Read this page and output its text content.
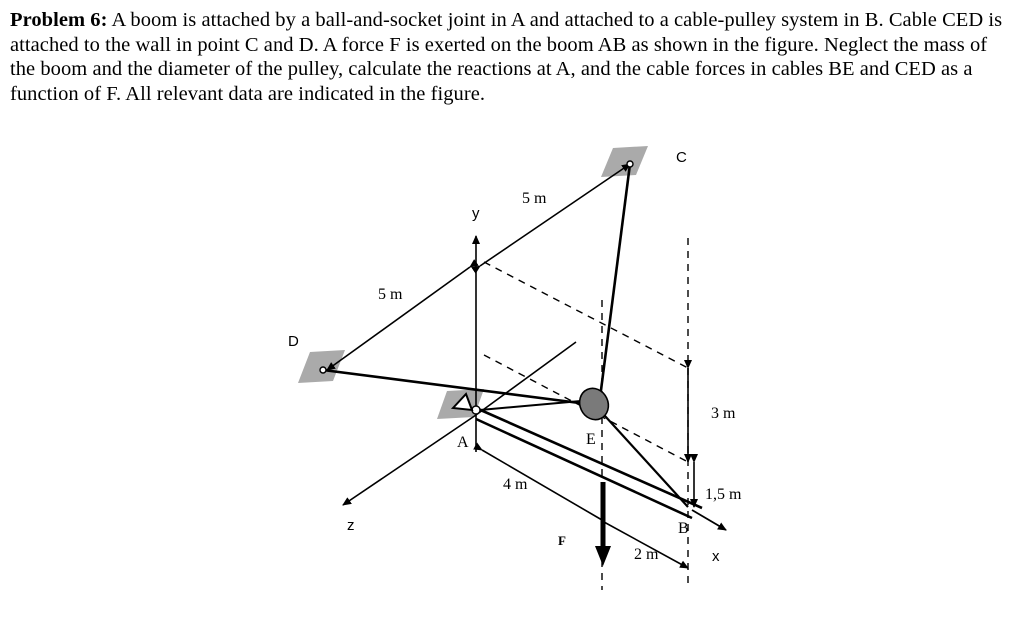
Problem 6: A boom is attached by a ball-and-socket joint in A and attached to a cable-pulley system in B. Cable CED is attached to the wall in point C and D. A force F is exerted on the boom AB as shown in the figure. Neglect the mass of the boom and the diameter of the pulley, calculate the reactions at A, and the cable forces in cables BE and CED as a function of F. All relevant data are indicated in the figure.
C
D
A	E
B
F
y
z
x
5 m
5 m
4 m
2 m
3 m
1,5 m
